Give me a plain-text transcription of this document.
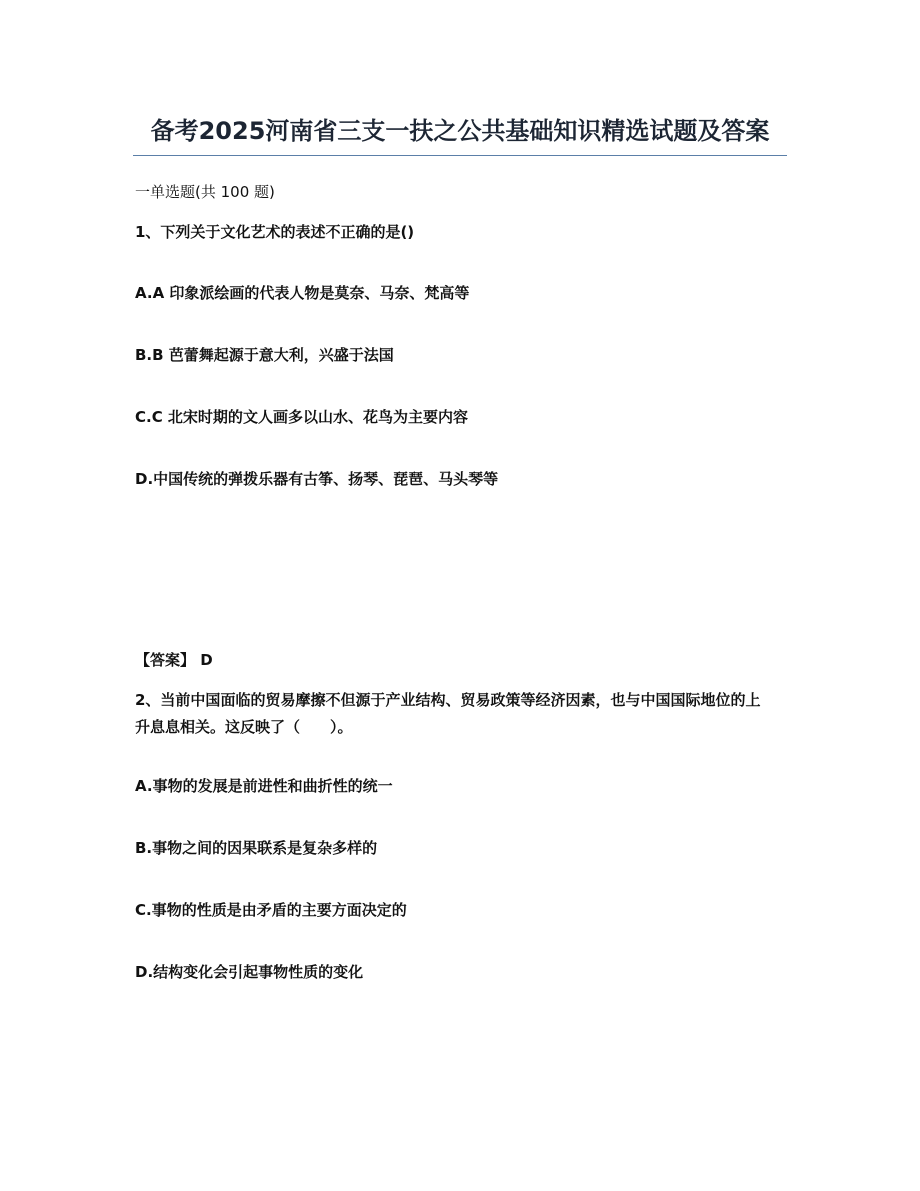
备考2025河南省三支一扶之公共基础知识精选试题及答案
一单选题(共 100 题)
1、下列关于文化艺术的表述不正确的是()
A.A 印象派绘画的代表人物是莫奈、马奈、梵高等
B.B 芭蕾舞起源于意大利，兴盛于法国
C.C 北宋时期的文人画多以山水、花鸟为主要内容
D.中国传统的弹拨乐器有古筝、扬琴、琵琶、马头琴等
【答案】 D
2、当前中国面临的贸易摩擦不但源于产业结构、贸易政策等经济因素，也与中国国际地位的上升息息相关。这反映了（　　）。
A.事物的发展是前进性和曲折性的统一
B.事物之间的因果联系是复杂多样的
C.事物的性质是由矛盾的主要方面决定的
D.结构变化会引起事物性质的变化
